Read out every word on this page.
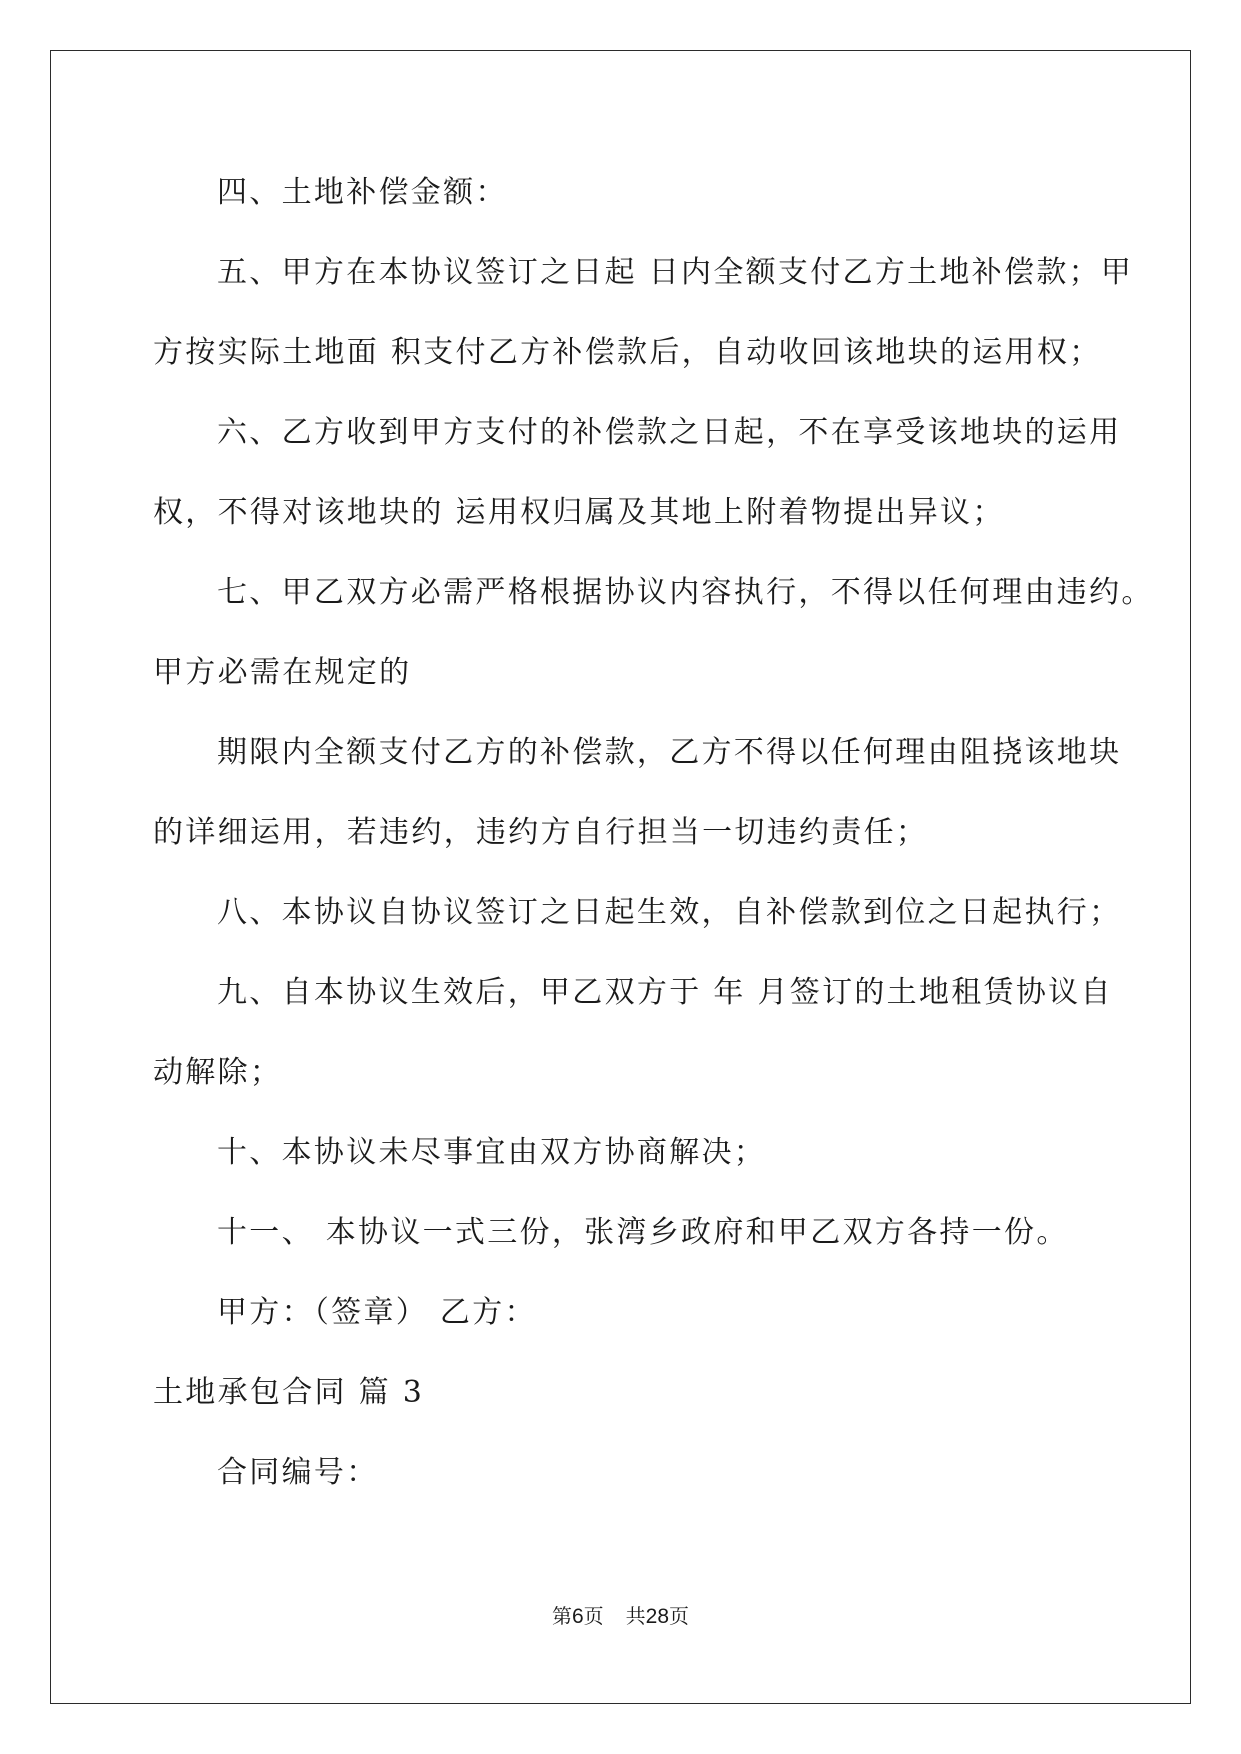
四、土地补偿金额：
五、甲方在本协议签订之日起 日内全额支付乙方土地补偿款；甲
方按实际土地面 积支付乙方补偿款后，自动收回该地块的运用权；
六、乙方收到甲方支付的补偿款之日起，不在享受该地块的运用
权，不得对该地块的 运用权归属及其地上附着物提出异议；
七、甲乙双方必需严格根据协议内容执行，不得以任何理由违约。
甲方必需在规定的
期限内全额支付乙方的补偿款，乙方不得以任何理由阻挠该地块
的详细运用，若违约，违约方自行担当一切违约责任；
八、本协议自协议签订之日起生效，自补偿款到位之日起执行；
九、自本协议生效后，甲乙双方于 年 月签订的土地租赁协议自
动解除；
十、本协议未尽事宜由双方协商解决；
十一、 本协议一式三份，张湾乡政府和甲乙双方各持一份。
甲方：（签章） 乙方：
土地承包合同 篇 3
合同编号：
第6页 共28页
